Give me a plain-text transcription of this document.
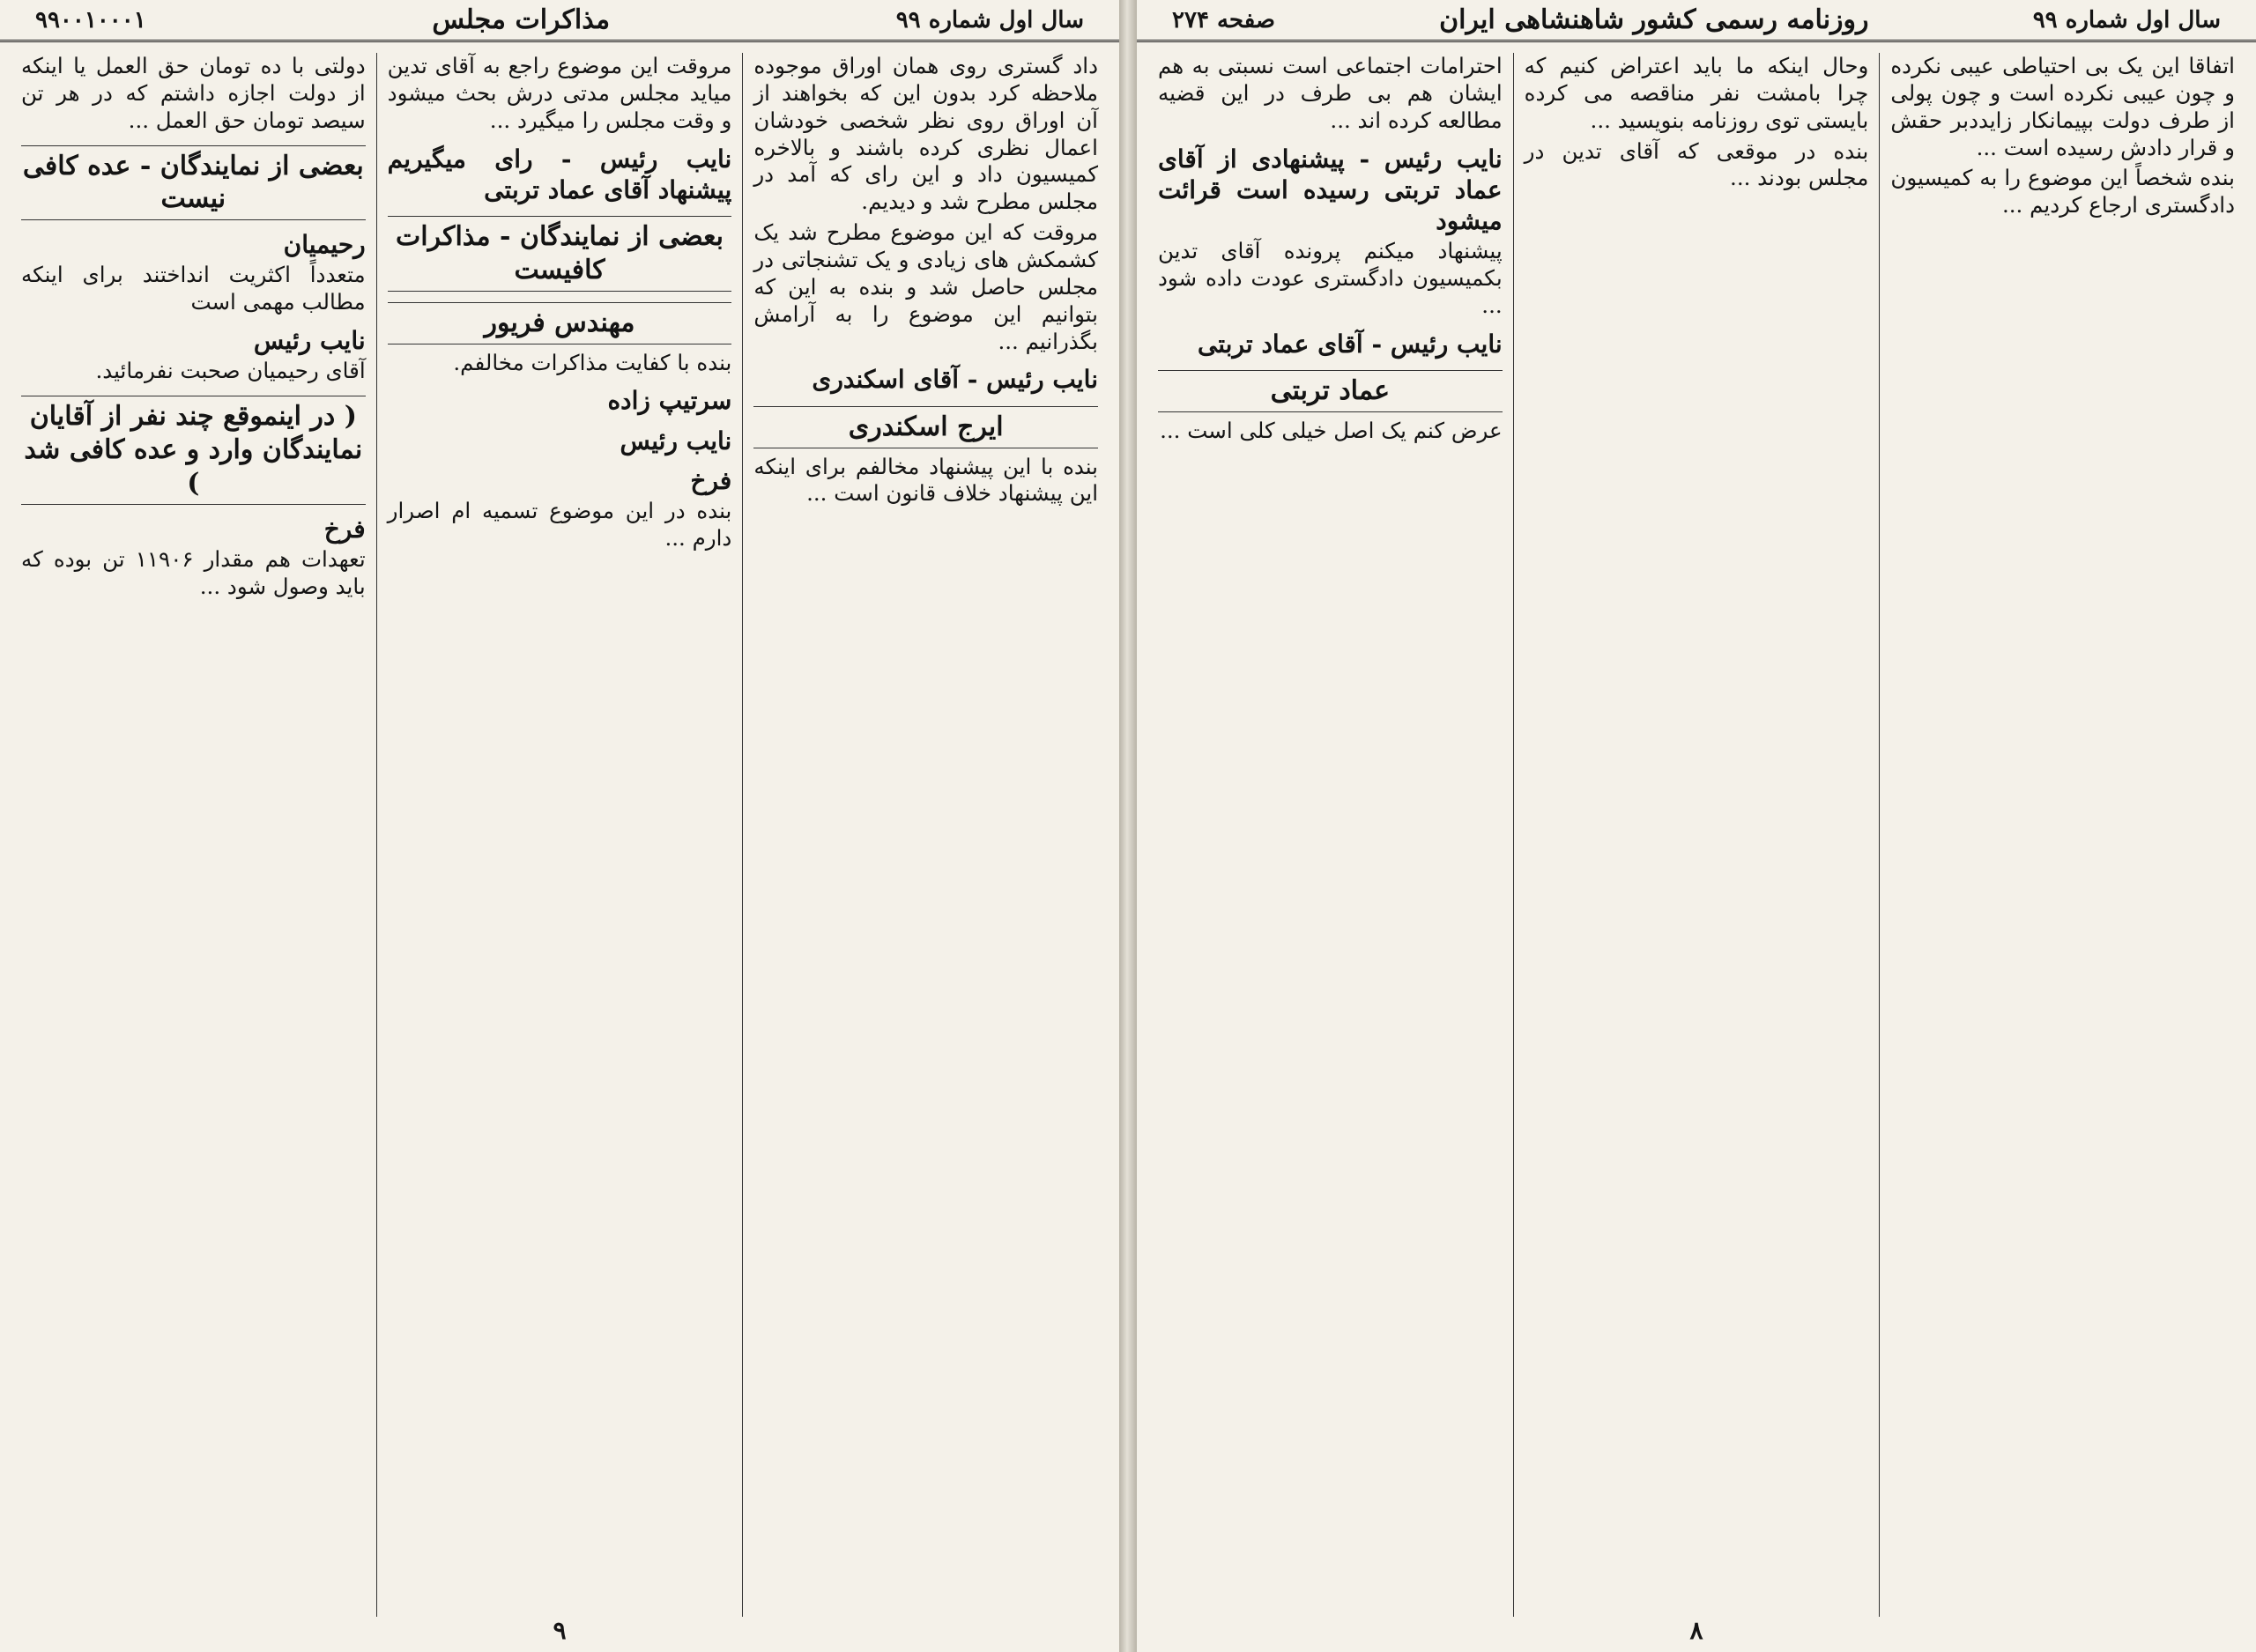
سال اول شماره ۹۹
مذاکرات مجلس
۹۹۰۰۱۰۰۰۱

داد گستری روی همان اوراق موجوده ملاحظه کرد بدون این که بخواهند از آن اوراق روی نظر شخصی خودشان اعمال نظری کرده باشند و بالاخره کمیسیون داد و این رای که آمد در مجلس مطرح شد و دیدیم.

مروقت که این موضوع مطرح شد یک کشمکش های زیادی و یک تشنجاتی در مجلس حاصل شد و بنده به این که بتوانیم این موضوع را به آرامش بگذرانیم ...

نایب رئیس - آقای اسکندری
ایرج اسکندری

بنده با این پیشنهاد مخالفم برای اینکه این پیشنهاد خلاف قانون است ...

مروقت این موضوع راجع به آقای تدین میاید مجلس مدتی درش بحث میشود و وقت مجلس را میگیرد ...

نایب رئیس - رای میگیریم پیشنهاد آقای عماد تربتی
بعضی از نمایندگان - مذاکرات کافیست
مهندس فریور

بنده با کفایت مذاکرات مخالفم.

سرتیپ زاده
نایب رئیس
فرخ

بنده در این موضوع تسمیه ام اصرار دارم ...

دولتی با ده تومان حق العمل یا اینکه از دولت اجازه داشتم که در هر تن سیصد تومان حق العمل ...

بعضی از نمایندگان - عده کافی نیست
رحیمیان

متعدداً اکثریت انداختند برای اینکه مطالب مهمی است

نایب رئیس

آقای رحیمیان صحبت نفرمائید.

( در اینموقع چند نفر از آقایان نمایندگان وارد و عده کافی شد )
فرخ

تعهدات هم مقدار ۱۱۹۰۶ تن بوده که باید وصول شود ...

۹
سال اول شماره ۹۹
روزنامه رسمی کشور شاهنشاهی ایران
صفحه ۲۷۴

اتفاقا این یک بی احتیاطی عیبی نکرده و چون عیبی نکرده است و چون پولی از طرف دولت بپیمانکار زایددبر حقش و قرار دادش رسیده است ...

بنده شخصاً این موضوع را به کمیسیون دادگستری ارجاع کردیم ...

وحال اینکه ما باید اعتراض کنیم که چرا بامشت نفر مناقصه می کرده بایستی توی روزنامه بنویسید ...

بنده در موقعی که آقای تدین در مجلس بودند ...

احترامات اجتماعی است نسبتی به هم ایشان هم بی طرف در این قضیه مطالعه کرده اند ...

نایب رئیس - پیشنهادی از آقای عماد تربتی رسیده است قرائت میشود

پیشنهاد میکنم پرونده آقای تدین بکمیسیون دادگستری عودت داده شود ...

نایب رئیس - آقای عماد تربتی
عماد تربتی

عرض کنم یک اصل خیلی کلی است ...

۸
